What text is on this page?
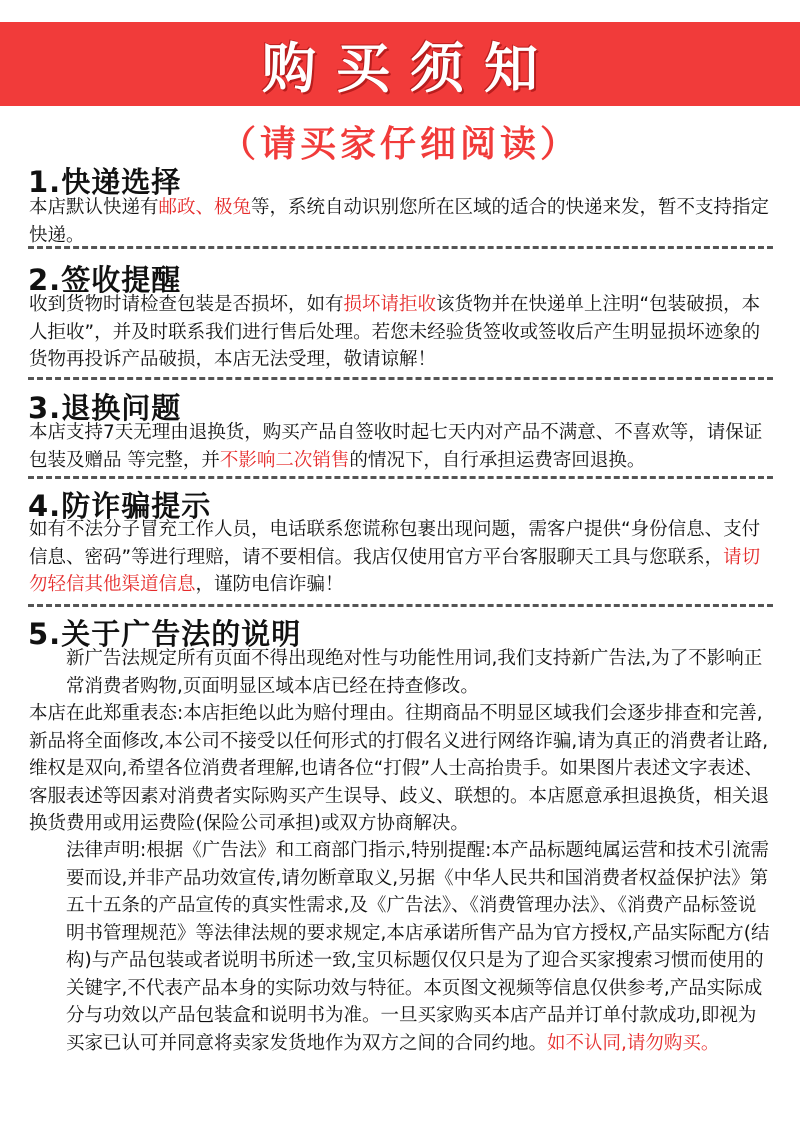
购买须知
（请买家仔细阅读）
1.快递选择

本店默认快递有邮政、极兔等，系统自动识别您所在区域的适合的快递来发，暂不支持指定快递。

2.签收提醒

收到货物时请检查包装是否损坏，如有损坏请拒收该货物并在快递单上注明“包装破损，本人拒收”，并及时联系我们进行售后处理。若您未经验货签收或签收后产生明显损坏迹象的货物再投诉产品破损，本店无法受理，敬请谅解！

3.退换问题

本店支持7天无理由退换货，购买产品自签收时起七天内对产品不满意、不喜欢等，请保证包装及赠品 等完整，并不影响二次销售的情况下，自行承担运费寄回退换。

4.防诈骗提示

如有不法分子冒充工作人员，电话联系您谎称包裹出现问题，需客户提供“身份信息、支付信息、密码”等进行理赔，请不要相信。我店仅使用官方平台客服聊天工具与您联系，请切勿轻信其他渠道信息，谨防电信诈骗！

5.关于广告法的说明

新广告法规定所有页面不得出现绝对性与功能性用词,我们支持新广告法,为了不影响正常消费者购物,页面明显区域本店已经在持查修改。

本店在此郑重表态:本店拒绝以此为赔付理由。往期商品不明显区域我们会逐步排查和完善,新品将全面修改,本公司不接受以任何形式的打假名义进行网络诈骗,请为真正的消费者让路,维权是双向,希望各位消费者理解,也请各位“打假”人士高抬贵手。如果图片表述文字表述、客服表述等因素对消费者实际购买产生误导、歧义、联想的。本店愿意承担退换货，相关退换货费用或用运费险(保险公司承担)或双方协商解决。

法律声明:根据《广告法》和工商部门指示,特别提醒:本产品标题纯属运营和技术引流需要而设,并非产品功效宣传,请勿断章取义,另据《中华人民共和国消费者权益保护法》第五十五条的产品宣传的真实性需求,及《广告法》、《消费管理办法》、《消费产品标签说明书管理规范》等法律法规的要求规定,本店承诺所售产品为官方授权,产品实际配方(结构)与产品包装或者说明书所述一致,宝贝标题仅仅只是为了迎合买家搜索习惯而使用的关键字,不代表产品本身的实际功效与特征。本页图文视频等信息仅供参考,产品实际成分与功效以产品包装盒和说明书为准。一旦买家购买本店产品并订单付款成功,即视为买家已认可并同意将卖家发货地作为双方之间的合同约地。如不认同,请勿购买。
